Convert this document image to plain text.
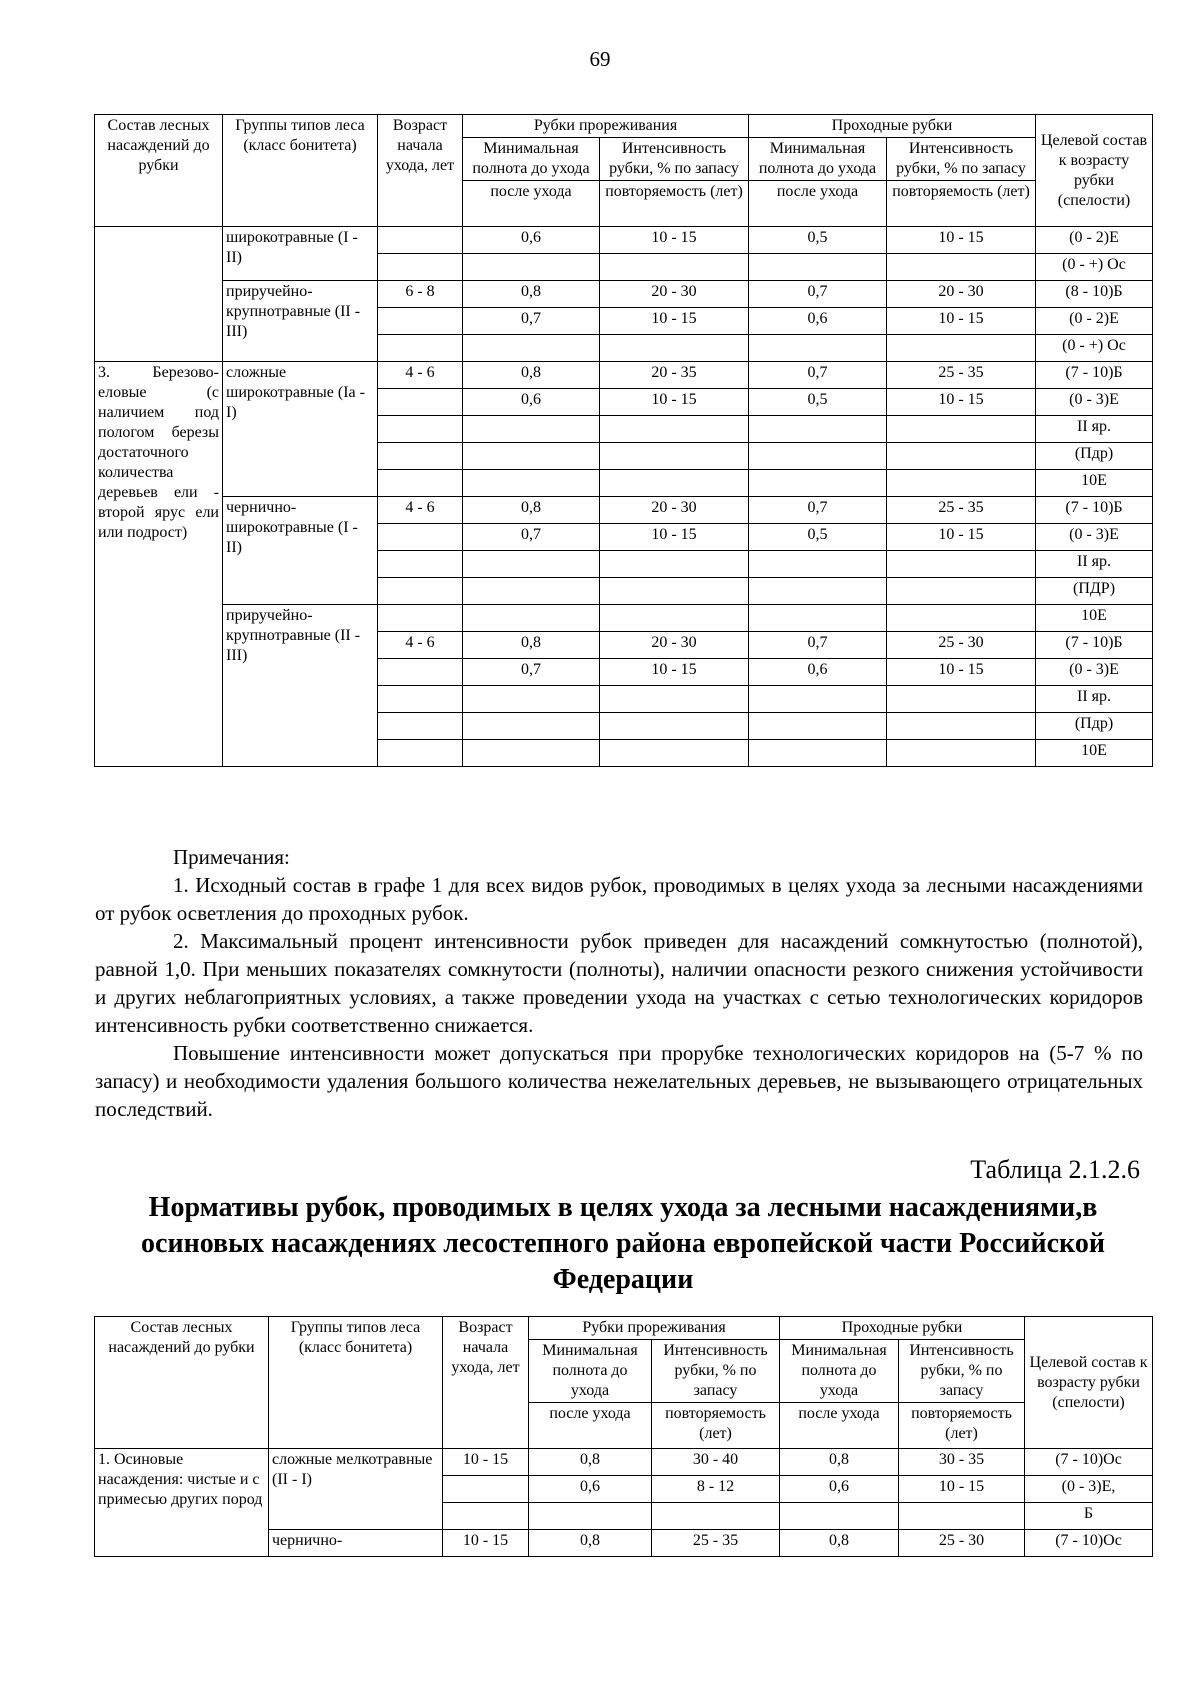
69
Состав лесных насаждений до рубки	Группы типов леса (класс бонитета)	Возраст начала ухода, лет	Рубки прореживания		Проходные рубки		Целевой состав к возрасту рубки (спелости)
			Минимальная полнота до ухода	Интенсивность рубки, % по запасу	Минимальная полнота до ухода	Интенсивность рубки, % по запасу	
			после ухода	повторяемость (лет)	после ухода	повторяемость (лет)	
	широкотравные (I - II)		0,6	10 - 15	0,5	10 - 15	(0 - 2)Е
							(0 - +) Ос
	приручейно-крупнотравные (II - III)	6 - 8	0,8	20 - 30	0,7	20 - 30	(8 - 10)Б
			0,7	10 - 15	0,6	10 - 15	(0 - 2)Е
							(0 - +) Ос
3. Березово-еловые (с наличием под пологом березы достаточного количества деревьев ели - второй ярус ели или подрост)	сложные широкотравные (Ia - I)	4 - 6	0,8	20 - 35	0,7	25 - 35	(7 - 10)Б
			0,6	10 - 15	0,5	10 - 15	(0 - 3)Е
							II яр.
							(Пдр)
							10Е
	чернично-широкотравные (I - II)	4 - 6	0,8	20 - 30	0,7	25 - 35	(7 - 10)Б
			0,7	10 - 15	0,5	10 - 15	(0 - 3)Е
							II яр.
							(ПДР)
	приручейно-крупнотравные (II - III)						10Е
		4 - 6	0,8	20 - 30	0,7	25 - 30	(7 - 10)Б
			0,7	10 - 15	0,6	10 - 15	(0 - 3)Е
							II яр.
							(Пдр)
							10Е

Примечания:

1. Исходный состав в графе 1 для всех видов рубок, проводимых в целях ухода за лесными насаждениями от рубок осветления до проходных рубок.

2. Максимальный процент интенсивности рубок приведен для насаждений сомкнутостью (полнотой), равной 1,0. При меньших показателях сомкнутости (полноты), наличии опасности резкого снижения устойчивости и других неблагоприятных условиях, а также проведении ухода на участках с сетью технологических коридоров интенсивность рубки соответственно снижается.

Повышение интенсивности может допускаться при прорубке технологических коридоров на (5-7 % по запасу) и необходимости удаления большого количества нежелательных деревьев, не вызывающего отрицательных последствий.

Таблица 2.1.2.6
Нормативы рубок, проводимых в целях ухода за лесными насаждениями,в осиновых насаждениях лесостепного района европейской части Российской Федерации
Состав лесных насаждений до рубки	Группы типов леса (класс бонитета)	Возраст начала ухода, лет	Рубки прореживания		Проходные рубки		Целевой состав к возрасту рубки (спелости)
			Минимальная полнота до ухода	Интенсивность рубки, % по запасу	Минимальная полнота до ухода	Интенсивность рубки, % по запасу	
			после ухода	повторяемость (лет)	после ухода	повторяемость (лет)	
1. Осиновые насаждения: чистые и с примесью других пород	сложные мелкотравные (II - I)	10 - 15	0,8	30 - 40	0,8	30 - 35	(7 - 10)Ос
			0,6	8 - 12	0,6	10 - 15	(0 - 3)Е,
							Б
	чернично-	10 - 15	0,8	25 - 35	0,8	25 - 30	(7 - 10)Ос
